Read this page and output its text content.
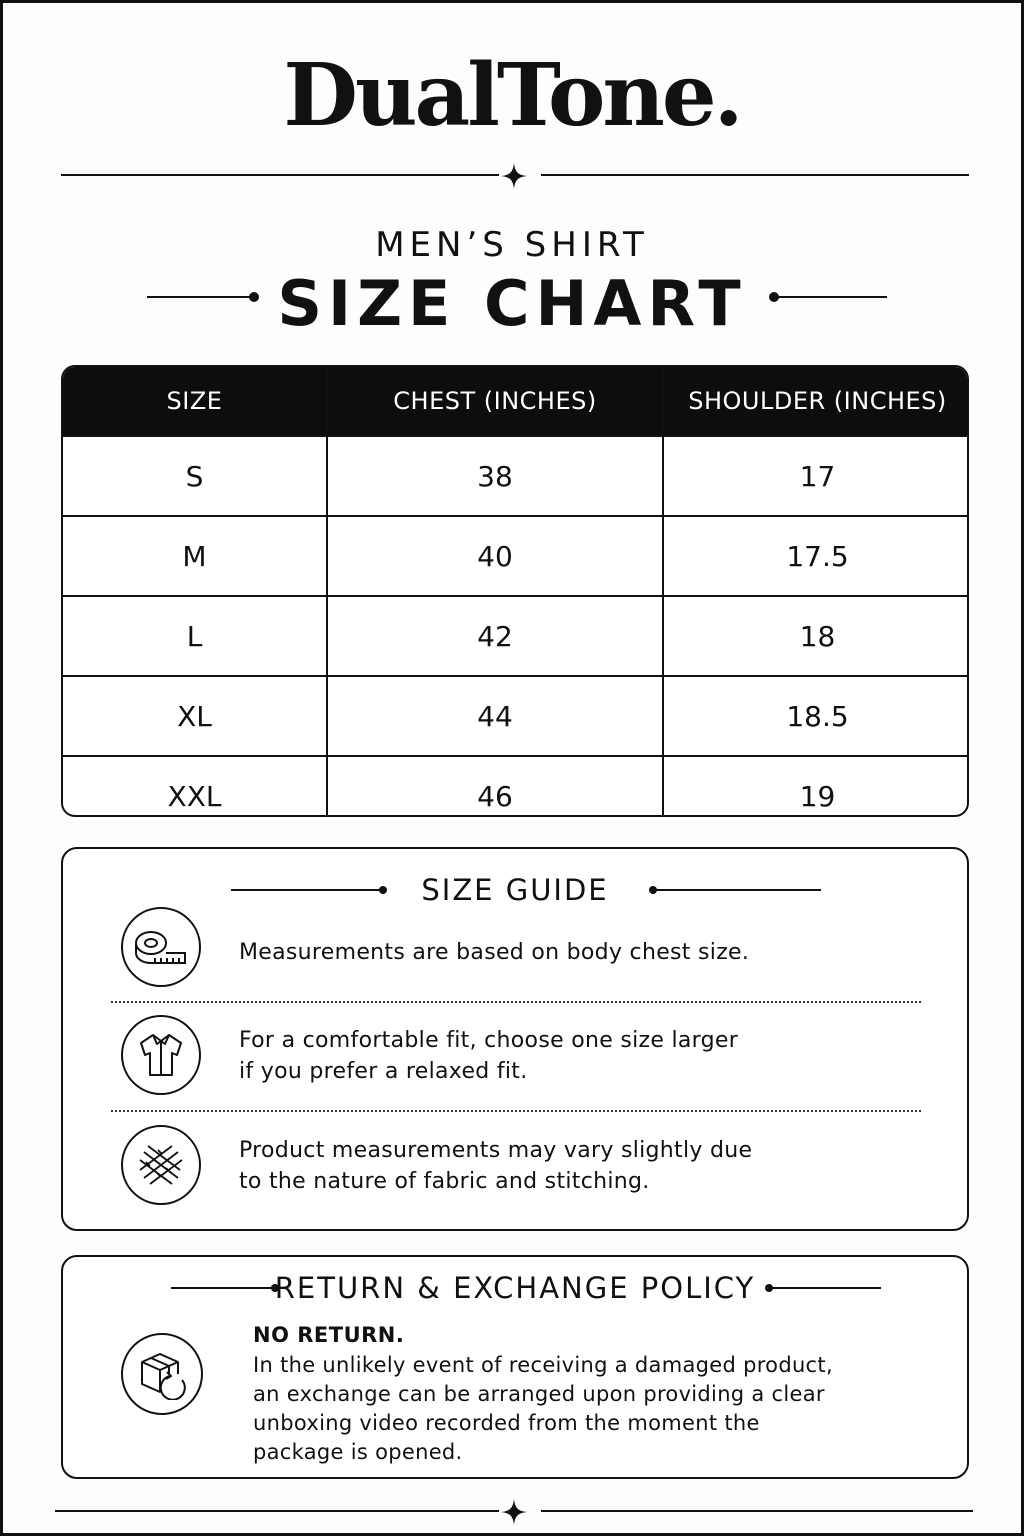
DualTone.
MEN’S SHIRT
SIZE CHART
SIZE	CHEST (INCHES)	SHOULDER (INCHES)
S	38	17
M	40	17.5
L	42	18
XL	44	18.5
XXL	46	19
SIZE GUIDE
Measurements are based on body chest size.
For a comfortable fit, choose one size larger
if you prefer a relaxed fit.
Product measurements may vary slightly due
to the nature of fabric and stitching.
RETURN & EXCHANGE POLICY
NO RETURN.
In the unlikely event of receiving a damaged product,
an exchange can be arranged upon providing a clear
unboxing video recorded from the moment the
package is opened.
